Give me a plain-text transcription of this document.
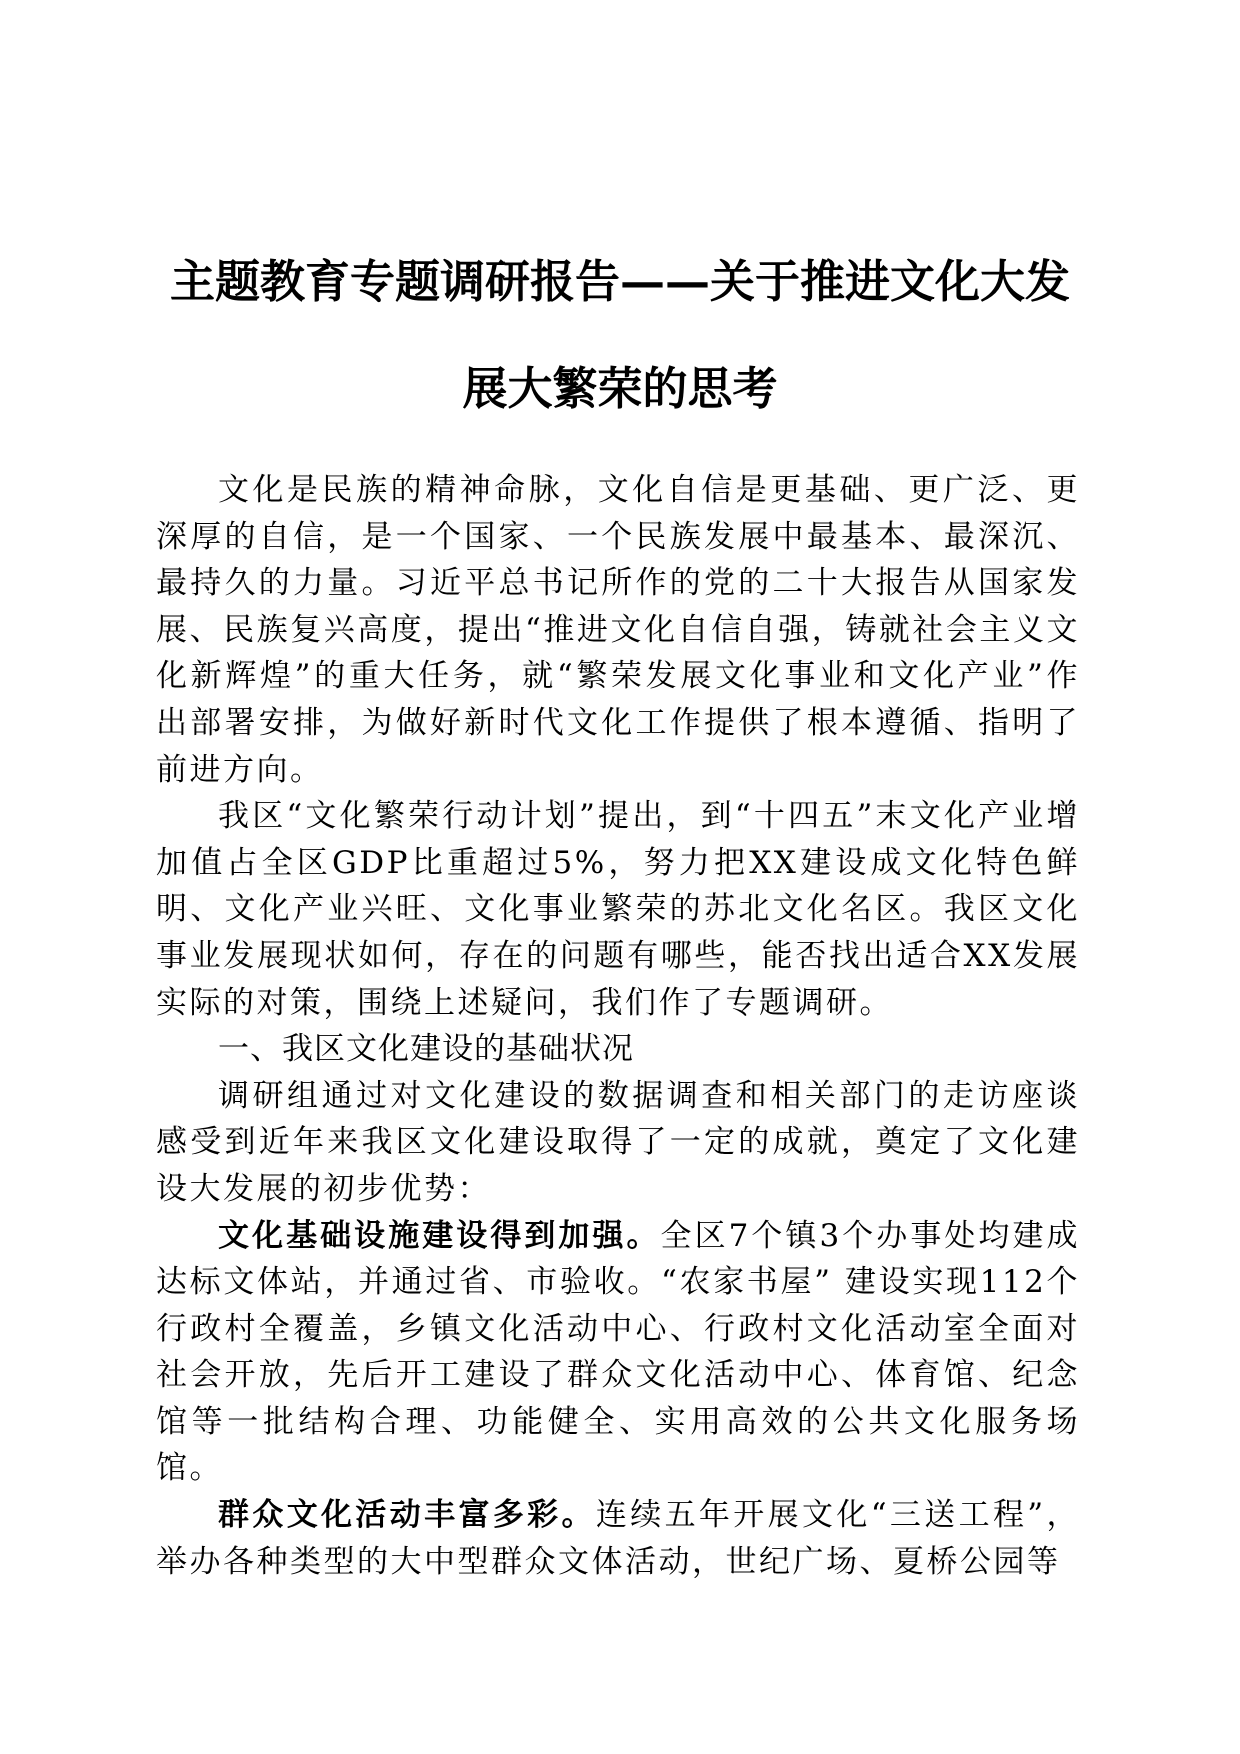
主题教育专题调研报告——关于推进文化大发
展大繁荣的思考

文化是民族的精神命脉，文化自信是更基础、更广泛、更深厚的自信，是一个国家、一个民族发展中最基本、最深沉、最持久的力量。习近平总书记所作的党的二十大报告从国家发展、民族复兴高度，提出“推进文化自信自强，铸就社会主义文化新辉煌”的重大任务，就“繁荣发展文化事业和文化产业”作出部署安排，为做好新时代文化工作提供了根本遵循、指明了前进方向。

我区“文化繁荣行动计划”提出，到“十四五”末文化产业增加值占全区GDP比重超过5%，努力把XX建设成文化特色鲜明、文化产业兴旺、文化事业繁荣的苏北文化名区。我区文化事业发展现状如何，存在的问题有哪些，能否找出适合XX发展实际的对策，围绕上述疑问，我们作了专题调研。

一、我区文化建设的基础状况

调研组通过对文化建设的数据调查和相关部门的走访座谈感受到近年来我区文化建设取得了一定的成就，奠定了文化建设大发展的初步优势：

文化基础设施建设得到加强。全区7个镇3个办事处均建成达标文体站，并通过省、市验收。“农家书屋” 建设实现112个行政村全覆盖，乡镇文化活动中心、行政村文化活动室全面对社会开放，先后开工建设了群众文化活动中心、体育馆、纪念馆等一批结构合理、功能健全、实用高效的公共文化服务场馆。

群众文化活动丰富多彩。连续五年开展文化“三送工程”，举办各种类型的大中型群众文体活动，世纪广场、夏桥公园等
